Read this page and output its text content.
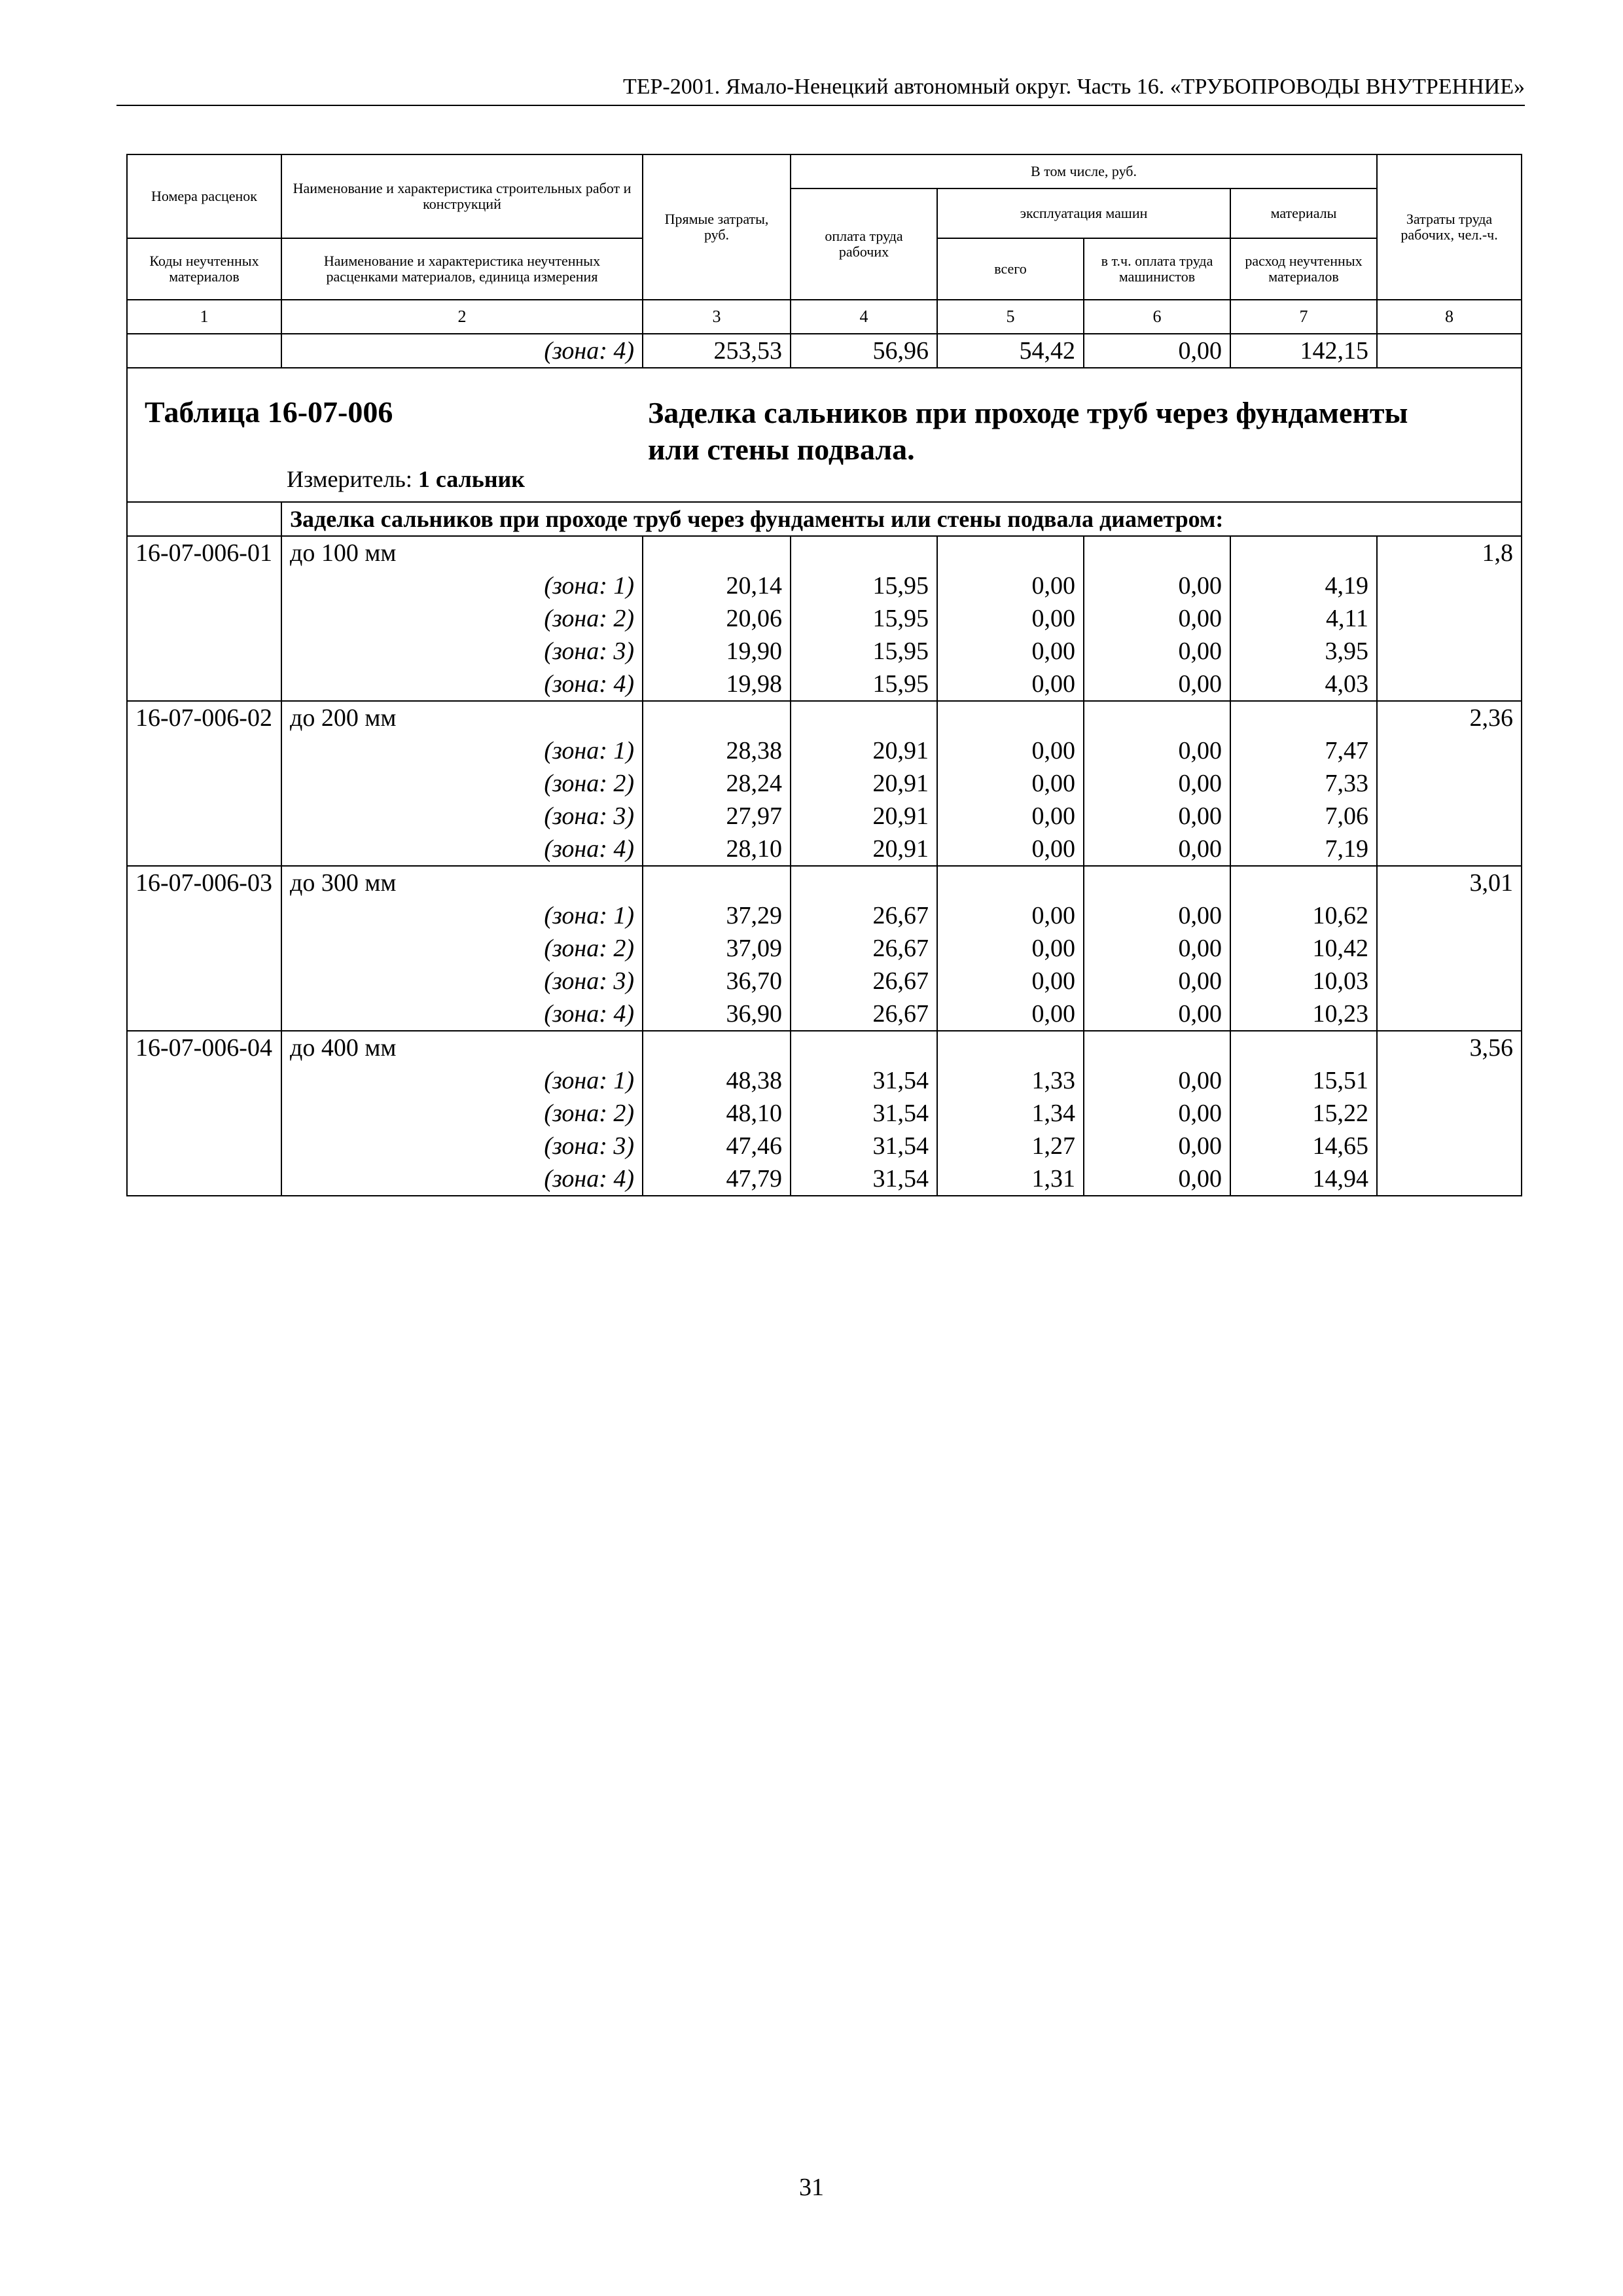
ТЕР-2001. Ямало-Ненецкий автономный округ. Часть 16. «ТРУБОПРОВОДЫ ВНУТРЕННИЕ»
Номера расценок	Наименование и характеристика строительных работ и конструкций	Прямые затраты, руб.	В том числе, руб.				Затраты труда рабочих, чел.-ч.
			оплата труда рабочих	эксплуатация машин		материалы	
Коды неучтенных материалов	Наименование и характеристика неучтенных расценками материалов, единица измерения			всего	в т.ч. оплата труда машинистов	расход неучтенных материалов	
1	2	3	4	5	6	7	8
	(зона: 4)	253,53	56,96	54,42	0,00	142,15	

Таблица 16-07-006 Заделка сальников при проходе труб через фундаменты или стены подвала.
Измеритель: 1 сальник							

	Заделка сальников при проходе труб через фундаменты или стены подвала диаметром:						
16-07-006-01	до 100 мм						1,8
	(зона: 1)	20,14	15,95	0,00	0,00	4,19	
	(зона: 2)	20,06	15,95	0,00	0,00	4,11	
	(зона: 3)	19,90	15,95	0,00	0,00	3,95	
	(зона: 4)	19,98	15,95	0,00	0,00	4,03	
16-07-006-02	до 200 мм						2,36
	(зона: 1)	28,38	20,91	0,00	0,00	7,47	
	(зона: 2)	28,24	20,91	0,00	0,00	7,33	
	(зона: 3)	27,97	20,91	0,00	0,00	7,06	
	(зона: 4)	28,10	20,91	0,00	0,00	7,19	
16-07-006-03	до 300 мм						3,01
	(зона: 1)	37,29	26,67	0,00	0,00	10,62	
	(зона: 2)	37,09	26,67	0,00	0,00	10,42	
	(зона: 3)	36,70	26,67	0,00	0,00	10,03	
	(зона: 4)	36,90	26,67	0,00	0,00	10,23	
16-07-006-04	до 400 мм						3,56
	(зона: 1)	48,38	31,54	1,33	0,00	15,51	
	(зона: 2)	48,10	31,54	1,34	0,00	15,22	
	(зона: 3)	47,46	31,54	1,27	0,00	14,65	
	(зона: 4)	47,79	31,54	1,31	0,00	14,94	
31
